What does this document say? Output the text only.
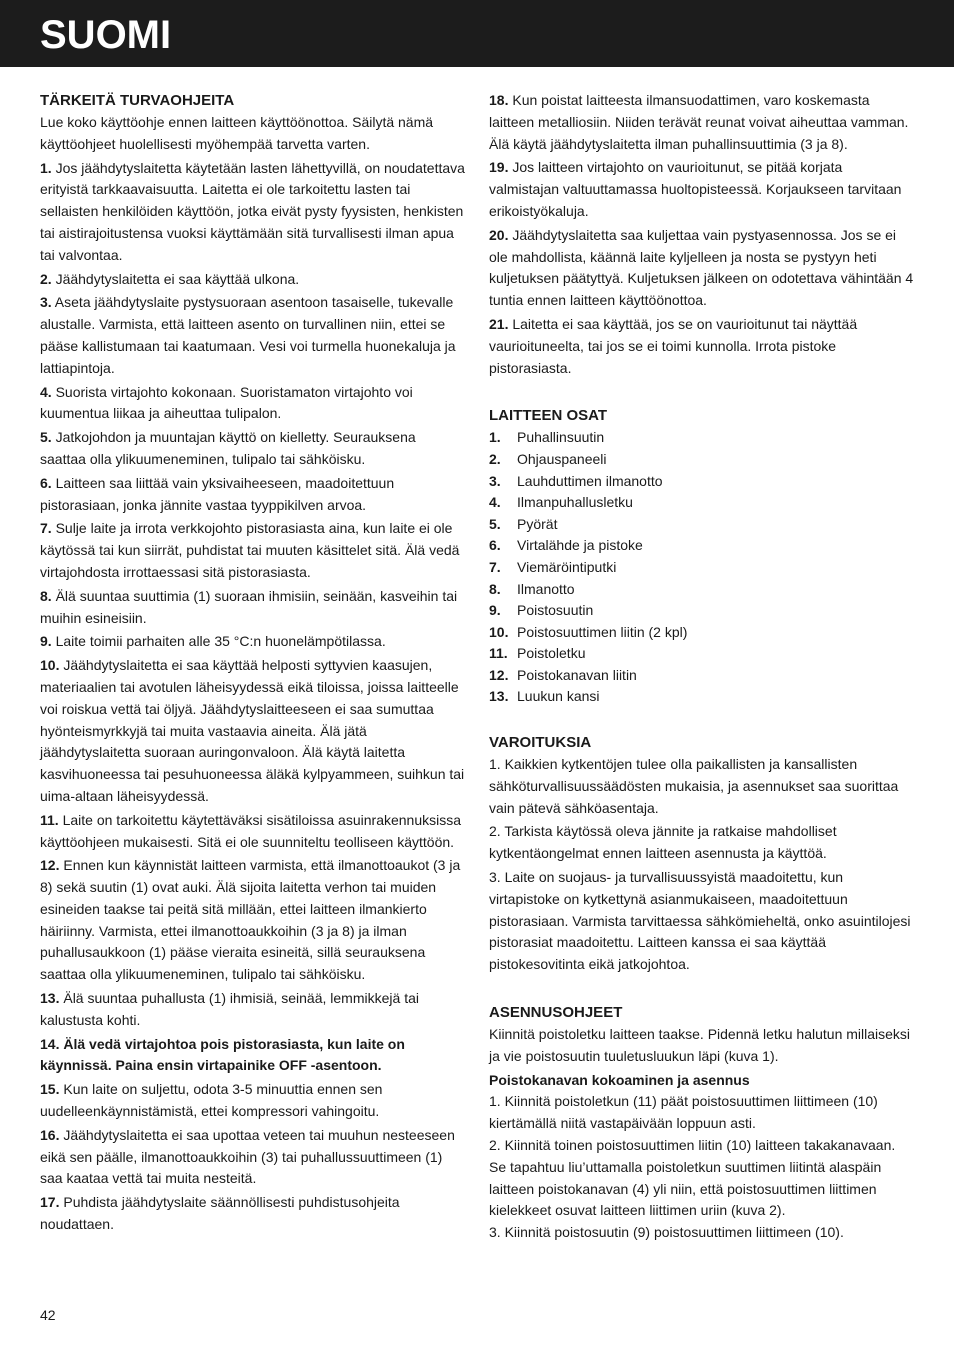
SUOMI
TÄRKEITÄ TURVAOHJEITA

Lue koko käyttöohje ennen laitteen käyttöönottoa. Säilytä nämä käyttöohjeet huolellisesti myöhempää tarvetta varten.

1. Jos jäähdytyslaitetta käytetään lasten lähettyvillä, on noudatettava erityistä tarkkaavaisuutta. Laitetta ei ole tarkoitettu lasten tai sellaisten henkilöiden käyttöön, jotka eivät pysty fyysisten, henkisten tai aistirajoitustensa vuoksi käyttämään sitä turvallisesti ilman apua tai valvontaa.

2. Jäähdytyslaitetta ei saa käyttää ulkona.

3. Aseta jäähdytyslaite pystysuoraan asentoon tasaiselle, tukevalle alustalle. Varmista, että laitteen asento on turvallinen niin, ettei se pääse kallistumaan tai kaatumaan. Vesi voi turmella huonekaluja ja lattiapintoja.

4. Suorista virtajohto kokonaan. Suoristamaton virtajohto voi kuumentua liikaa ja aiheuttaa tulipalon.

5. Jatkojohdon ja muuntajan käyttö on kielletty. Seurauksena saattaa olla ylikuumeneminen, tulipalo tai sähköisku.

6. Laitteen saa liittää vain yksivaiheeseen, maadoitettuun pistorasiaan, jonka jännite vastaa tyyppikilven arvoa.

7. Sulje laite ja irrota verkkojohto pistorasiasta aina, kun laite ei ole käytössä tai kun siirrät, puhdistat tai muuten käsittelet sitä. Älä vedä virtajohdosta irrottaessasi sitä pistorasiasta.

8. Älä suuntaa suuttimia (1) suoraan ihmisiin, seinään, kasveihin tai muihin esineisiin.

9. Laite toimii parhaiten alle 35 °C:n huonelämpötilassa.

10. Jäähdytyslaitetta ei saa käyttää helposti syttyvien kaasujen, materiaalien tai avotulen läheisyydessä eikä tiloissa, joissa laitteelle voi roiskua vettä tai öljyä. Jäähdytyslaitteeseen ei saa sumuttaa hyönteismyrkkyjä tai muita vastaavia aineita. Älä jätä jäähdytyslaitetta suoraan auringonvaloon. Älä käytä laitetta kasvihuoneessa tai pesuhuoneessa äläkä kylpyammeen, suihkun tai uima-altaan läheisyydessä.

11. Laite on tarkoitettu käytettäväksi sisätiloissa asuinrakennuksissa käyttöohjeen mukaisesti. Sitä ei ole suunniteltu teolliseen käyttöön.

12. Ennen kun käynnistät laitteen varmista, että ilmanottoaukot (3 ja 8) sekä suutin (1) ovat auki. Älä sijoita laitetta verhon tai muiden esineiden taakse tai peitä sitä millään, ettei laitteen ilmankierto häiriinny. Varmista, ettei ilmanottoaukkoihin (3 ja 8) ja ilman puhallusaukkoon (1) pääse vieraita esineitä, sillä seurauksena saattaa olla ylikuumeneminen, tulipalo tai sähköisku.

13. Älä suuntaa puhallusta (1) ihmisiä, seinää, lemmikkejä tai kalustusta kohti.

14. Älä vedä virtajohtoa pois pistorasiasta, kun laite on käynnissä. Paina ensin virtapainike OFF -asentoon.

15. Kun laite on suljettu, odota 3-5 minuuttia ennen sen uudelleenkäynnistämistä, ettei kompressori vahingoitu.

16. Jäähdytyslaitetta ei saa upottaa veteen tai muuhun nesteeseen eikä sen päälle, ilmanottoaukkoihin (3) tai puhallussuuttimeen (1) saa kaataa vettä tai muita nesteitä.

17. Puhdista jäähdytyslaite säännöllisesti puhdistusohjeita noudattaen.

18. Kun poistat laitteesta ilmansuodattimen, varo koskemasta laitteen metalliosiin. Niiden terävät reunat voivat aiheuttaa vamman. Älä käytä jäähdytyslaitetta ilman puhallinsuuttimia (3 ja 8).

19. Jos laitteen virtajohto on vaurioitunut, se pitää korjata valmistajan valtuuttamassa huoltopisteessä. Korjaukseen tarvitaan erikoistyökaluja.

20. Jäähdytyslaitetta saa kuljettaa vain pystyasennossa. Jos se ei ole mahdollista, käännä laite kyljelleen ja nosta se pystyyn heti kuljetuksen päätyttyä. Kuljetuksen jälkeen on odotettava vähintään 4 tuntia ennen laitteen käyttöönottoa.

21. Laitetta ei saa käyttää, jos se on vaurioitunut tai näyttää vaurioituneelta, tai jos se ei toimi kunnolla. Irrota pistoke pistorasiasta.

LAITTEEN OSAT
1.	Puhallinsuutin
2.	Ohjauspaneeli
3.	Lauhduttimen ilmanotto
4.	Ilmanpuhallusletku
5.	Pyörät
6.	Virtalähde ja pistoke
7.	Viemäröintiputki
8.	Ilmanotto
9.	Poistosuutin
10. Poistosuuttimen liitin (2 kpl)
11. Poistoletku
12. Poistokanavan liitin
13. Luukun kansi
VAROITUKSIA

1. Kaikkien kytkentöjen tulee olla paikallisten ja kansallisten sähköturvallisuussäädösten mukaisia, ja asennukset saa suorittaa vain pätevä sähköasentaja.

2. Tarkista käytössä oleva jännite ja ratkaise mahdolliset kytkentäongelmat ennen laitteen asennusta ja käyttöä.

3. Laite on suojaus- ja turvallisuussyistä maadoitettu, kun virtapistoke on kytkettynä asianmukaiseen, maadoitettuun pistorasiaan. Varmista tarvittaessa sähkömieheltä, onko asuintilojesi pistorasiat maadoitettu. Laitteen kanssa ei saa käyttää pistokesovitinta eikä jatkojohtoa.

ASENNUSOHJEET

Kiinnitä poistoletku laitteen taakse. Pidennä letku halutun millaiseksi ja vie poistosuutin tuuletusluukun läpi (kuva 1).

Poistokanavan kokoaminen ja asennus

1. Kiinnitä poistoletkun (11) päät poistosuuttimen liittimeen (10) kiertämällä niitä vastapäivään loppuun asti.

2. Kiinnitä toinen poistosuuttimen liitin (10) laitteen takakanavaan. Se tapahtuu liu’uttamalla poistoletkun suuttimen liitintä alaspäin laitteen poistokanavan (4) yli niin, että poistosuuttimen liittimen kielekkeet osuvat laitteen liittimen uriin (kuva 2).

3. Kiinnitä poistosuutin (9) poistosuuttimen liittimeen (10).

42
